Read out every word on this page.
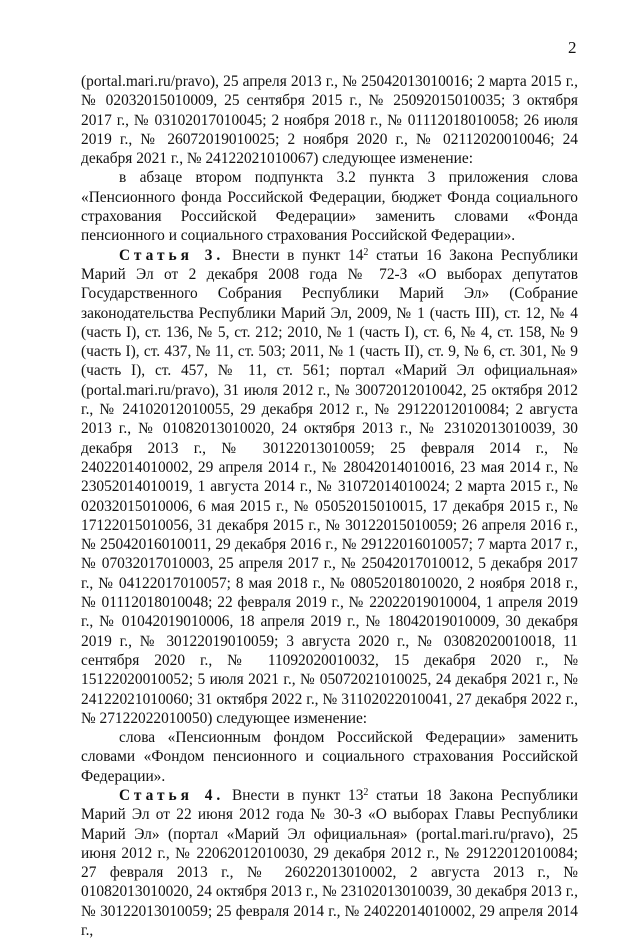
2

(portal.mari.ru/pravo), 25 апреля 2013 г., № 25042013010016; 2 марта 2015 г., № 02032015010009, 25 сентября 2015 г., № 25092015010035; 3 октября 2017 г., № 03102017010045; 2 ноября 2018 г., № 01112018010058; 26 июля 2019 г., № 26072019010025; 2 ноября 2020 г., № 02112020010046; 24 декабря 2021 г., № 24122021010067) следующее изменение:

в абзаце втором подпункта 3.2 пункта 3 приложения слова «Пенсионного фонда Российской Федерации, бюджет Фонда социального страхования Российской Федерации» заменить словами «Фонда пенсионного и социального страхования Российской Федерации».

Статья 3. Внести в пункт $14^2$ статьи 16 Закона Республики Марий Эл от 2 декабря 2008 года № 72-З «О выборах депутатов Государственного Собрания Республики Марий Эл» (Собрание законодательства Республики Марий Эл, 2009, № 1 (часть III), ст. 12, № 4 (часть I), ст. 136, № 5, ст. 212; 2010, № 1 (часть I), ст. 6, № 4, ст. 158, № 9 (часть I), ст. 437, № 11, ст. 503; 2011, № 1 (часть II), ст. 9, № 6, ст. 301, № 9 (часть I), ст. 457, № 11, ст. 561; портал «Марий Эл официальная» (portal.mari.ru/pravo), 31 июля 2012 г., № 30072012010042, 25 октября 2012 г., № 24102012010055, 29 декабря 2012 г., № 29122012010084; 2 августа 2013 г., № 01082013010020, 24 октября 2013 г., № 23102013010039, 30 декабря 2013 г., № 30122013010059; 25 февраля 2014 г., № 24022014010002, 29 апреля 2014 г., № 28042014010016, 23 мая 2014 г., № 23052014010019, 1 августа 2014 г., № 31072014010024; 2 марта 2015 г., № 02032015010006, 6 мая 2015 г., № 05052015010015, 17 декабря 2015 г., № 17122015010056, 31 декабря 2015 г., № 30122015010059; 26 апреля 2016 г., № 25042016010011, 29 декабря 2016 г., № 29122016010057; 7 марта 2017 г., № 07032017010003, 25 апреля 2017 г., № 25042017010012, 5 декабря 2017 г., № 04122017010057; 8 мая 2018 г., № 08052018010020, 2 ноября 2018 г., № 01112018010048; 22 февраля 2019 г., № 22022019010004, 1 апреля 2019 г., № 01042019010006, 18 апреля 2019 г., № 18042019010009, 30 декабря 2019 г., № 30122019010059; 3 августа 2020 г., № 03082020010018, 11 сентября 2020 г., № 11092020010032, 15 декабря 2020 г., № 15122020010052; 5 июля 2021 г., № 05072021010025, 24 декабря 2021 г., № 24122021010060; 31 октября 2022 г., № 31102022010041, 27 декабря 2022 г., № 27122022010050) следующее изменение:

слова «Пенсионным фондом Российской Федерации» заменить словами «Фондом пенсионного и социального страхования Российской Федерации».

Статья 4. Внести в пункт $13^2$ статьи 18 Закона Республики Марий Эл от 22 июня 2012 года № 30-З «О выборах Главы Республики Марий Эл» (портал «Марий Эл официальная» (portal.mari.ru/pravo), 25 июня 2012 г., № 22062012010030, 29 декабря 2012 г., № 29122012010084; 27 февраля 2013 г., № 26022013010002, 2 августа 2013 г., № 01082013010020, 24 октября 2013 г., № 23102013010039, 30 декабря 2013 г., № 30122013010059; 25 февраля 2014 г., № 24022014010002, 29 апреля 2014 г.,
